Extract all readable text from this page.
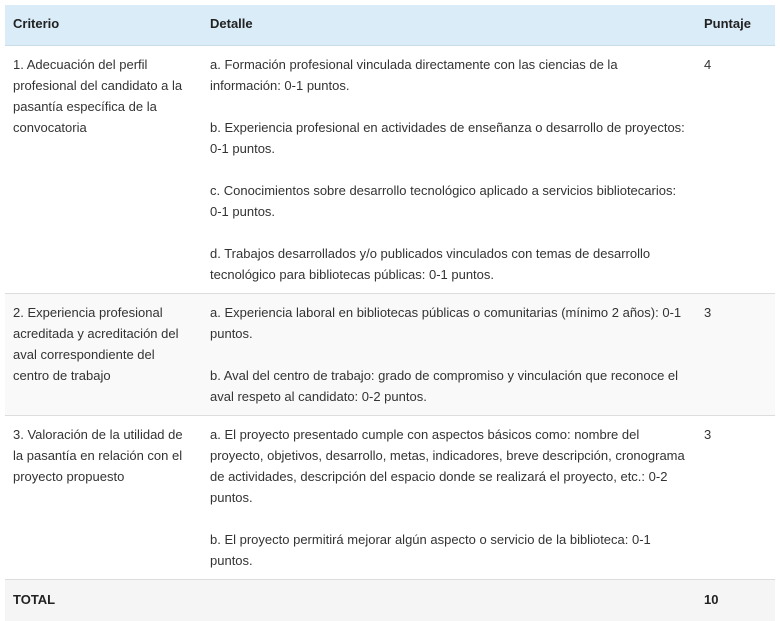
Criterio	Detalle	Puntaje
1. Adecuación del perfil profesional del candidato a la pasantía específica de la convocatoria	a. Formación profesional vinculada directamente con las ciencias de la información: 0-1 puntos.

b. Experiencia profesional en actividades de enseñanza o desarrollo de proyectos: 0-1 puntos.

c. Conocimientos sobre desarrollo tecnológico aplicado a servicios bibliotecarios: 0-1 puntos.

d. Trabajos desarrollados y/o publicados vinculados con temas de desarrollo tecnológico para bibliotecas públicas: 0-1 puntos.	4
2. Experiencia profesional acreditada y acreditación del aval correspondiente del centro de trabajo	a. Experiencia laboral en bibliotecas públicas o comunitarias (mínimo 2 años): 0-1 puntos.

b. Aval del centro de trabajo: grado de compromiso y vinculación que reconoce el aval respeto al candidato: 0-2 puntos.	3
3. Valoración de la utilidad de la pasantía en relación con el proyecto propuesto	a. El proyecto presentado cumple con aspectos básicos como: nombre del proyecto, objetivos, desarrollo, metas, indicadores, breve descripción, cronograma de actividades, descripción del espacio donde se realizará el proyecto, etc.: 0-2 puntos.

b. El proyecto permitirá mejorar algún aspecto o servicio de la biblioteca: 0-1 puntos.	3
TOTAL		10
